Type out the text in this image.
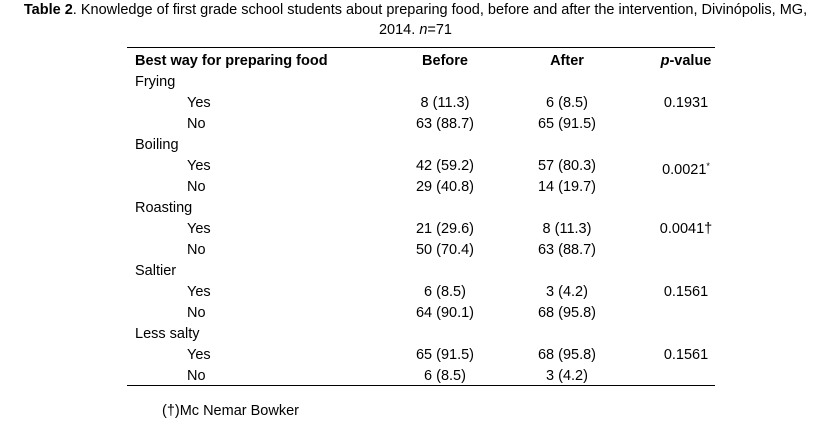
Table 2. Knowledge of first grade school students about preparing food, before and after the intervention, Divinópolis, MG,
2014. n=71
Best way for preparing food	Before	After	p-value
Frying
Yes	8 (11.3)	6 (8.5)	0.1931
No	63 (88.7)	65 (91.5)
Boiling
Yes	42 (59.2)	57 (80.3)	0.0021*
No	29 (40.8)	14 (19.7)
Roasting
Yes	21 (29.6)	8 (11.3)	0.0041†
No	50 (70.4)	63 (88.7)
Saltier
Yes	6 (8.5)	3 (4.2)	0.1561
No	64 (90.1)	68 (95.8)
Less salty
Yes	65 (91.5)	68 (95.8)	0.1561
No	6 (8.5)	3 (4.2)
(†)Mc Nemar Bowker
